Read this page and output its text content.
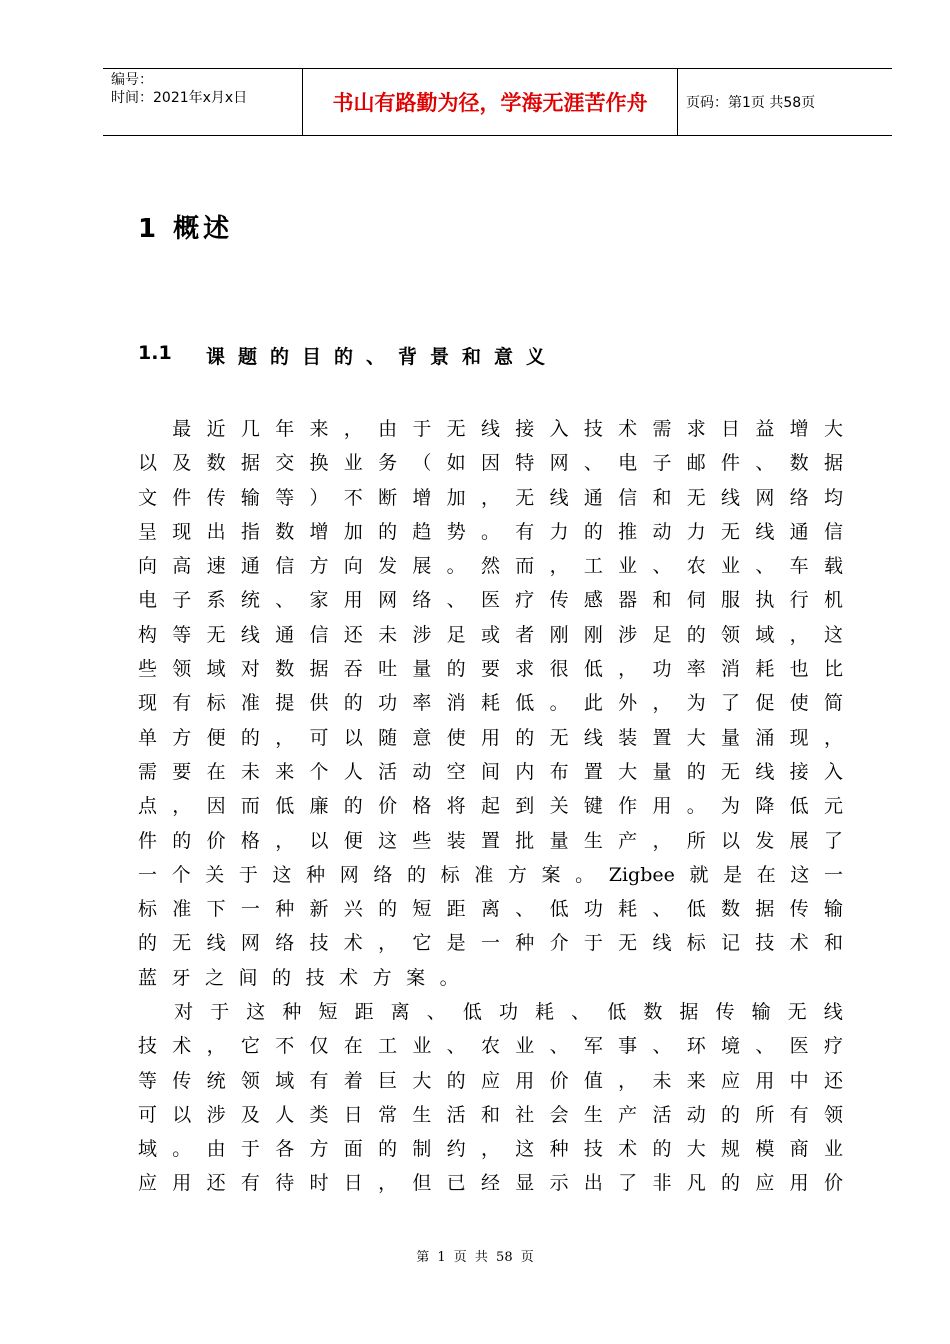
编号：
时间：2021年x月x日	书山有路勤为径，学海无涯苦作舟	页码：第1页 共58页
1 概述
1.1	课题的目的、背景和意义

最 近 几 年 来 ， 由 于 无 线 接 入 技 术 需 求 日 益 增 大
以 及 数 据 交 换 业 务 （ 如 因 特 网 、 电 子 邮 件 、 数 据
文 件 传 输 等 ） 不 断 增 加 ， 无 线 通 信 和 无 线 网 络 均
呈 现 出 指 数 增 加 的 趋 势 。 有 力 的 推 动 力 无 线 通 信
向 高 速 通 信 方 向 发 展 。 然 而 ， 工 业 、 农 业 、 车 载
电 子 系 统 、 家 用 网 络 、 医 疗 传 感 器 和 伺 服 执 行 机
构 等 无 线 通 信 还 未 涉 足 或 者 刚 刚 涉 足 的 领 域 ， 这
些 领 域 对 数 据 吞 吐 量 的 要 求 很 低 ， 功 率 消 耗 也 比
现 有 标 准 提 供 的 功 率 消 耗 低 。 此 外 ， 为 了 促 使 简
单 方 便 的 ， 可 以 随 意 使 用 的 无 线 装 置 大 量 涌 现 ，
需 要 在 未 来 个 人 活 动 空 间 内 布 置 大 量 的 无 线 接 入
点 ， 因 而 低 廉 的 价 格 将 起 到 关 键 作 用 。 为 降 低 元
件 的 价 格 ， 以 便 这 些 装 置 批 量 生 产 ， 所 以 发 展 了
一 个 关 于 这 种 网 络 的 标 准 方 案 。 Zigbee 就 是 在 这 一
标 准 下 一 种 新 兴 的 短 距 离 、 低 功 耗 、 低 数 据 传 输
的 无 线 网 络 技 术 ， 它 是 一 种 介 于 无 线 标 记 技 术 和
蓝 牙 之 间 的 技 术 方 案 。

对 于 这 种 短 距 离 、 低 功 耗 、 低 数 据 传 输 无 线
技 术 ， 它 不 仅 在 工 业 、 农 业 、 军 事 、 环 境 、 医 疗
等 传 统 领 域 有 着 巨 大 的 应 用 价 值 ， 未 来 应 用 中 还
可 以 涉 及 人 类 日 常 生 活 和 社 会 生 产 活 动 的 所 有 领
域 。 由 于 各 方 面 的 制 约 ， 这 种 技 术 的 大 规 模 商 业
应 用 还 有 待 时 日 ， 但 已 经 显 示 出 了 非 凡 的 应 用 价
第 1 页 共 58 页
